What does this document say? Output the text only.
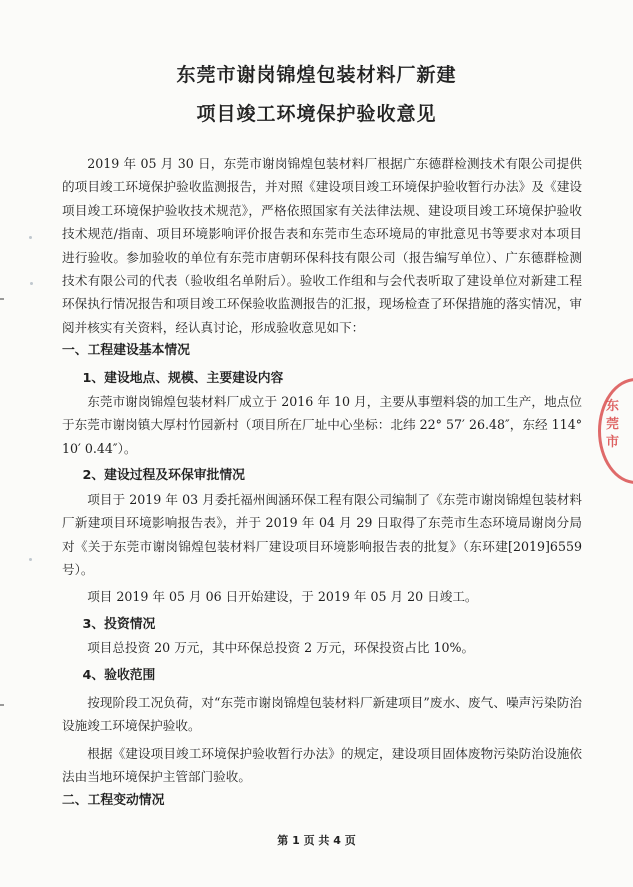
东莞市谢岗锦煌包装材料厂新建
项目竣工环境保护验收意见

2019 年 05 月 30 日，东莞市谢岗锦煌包装材料厂根据广东德群检测技术有限公司提供的项目竣工环境保护验收监测报告，并对照《建设项目竣工环境保护验收暂行办法》及《建设项目竣工环境保护验收技术规范》，严格依照国家有关法律法规、建设项目竣工环境保护验收技术规范/指南、项目环境影响评价报告表和东莞市生态环境局的审批意见书等要求对本项目进行验收。参加验收的单位有东莞市唐朝环保科技有限公司（报告编写单位）、广东德群检测技术有限公司的代表（验收组名单附后）。验收工作组和与会代表听取了建设单位对新建工程环保执行情况报告和项目竣工环保验收监测报告的汇报，现场检查了环保措施的落实情况，审阅并核实有关资料，经认真讨论，形成验收意见如下：

一、工程建设基本情况

1、建设地点、规模、主要建设内容

东莞市谢岗锦煌包装材料厂成立于 2016 年 10 月，主要从事塑料袋的加工生产，地点位于东莞市谢岗镇大厚村竹园新村（项目所在厂址中心坐标：北纬 22° 57′ 26.48″，东经 114° 10′ 0.44″）。

2、建设过程及环保审批情况

项目于 2019 年 03 月委托福州闽涵环保工程有限公司编制了《东莞市谢岗锦煌包装材料厂新建项目环境影响报告表》，并于 2019 年 04 月 29 日取得了东莞市生态环境局谢岗分局对《关于东莞市谢岗锦煌包装材料厂建设项目环境影响报告表的批复》（东环建[2019]6559 号）。

项目 2019 年 05 月 06 日开始建设，于 2019 年 05 月 20 日竣工。

3、投资情况

项目总投资 20 万元，其中环保总投资 2 万元，环保投资占比 10%。

4、验收范围

按现阶段工况负荷，对“东莞市谢岗锦煌包装材料厂新建项目”废水、废气、噪声污染防治设施竣工环境保护验收。

根据《建设项目竣工环境保护验收暂行办法》的规定，建设项目固体废物污染防治设施依法由当地环境保护主管部门验收。

二、工程变动情况

第 1 页 共 4 页
东
莞
市
